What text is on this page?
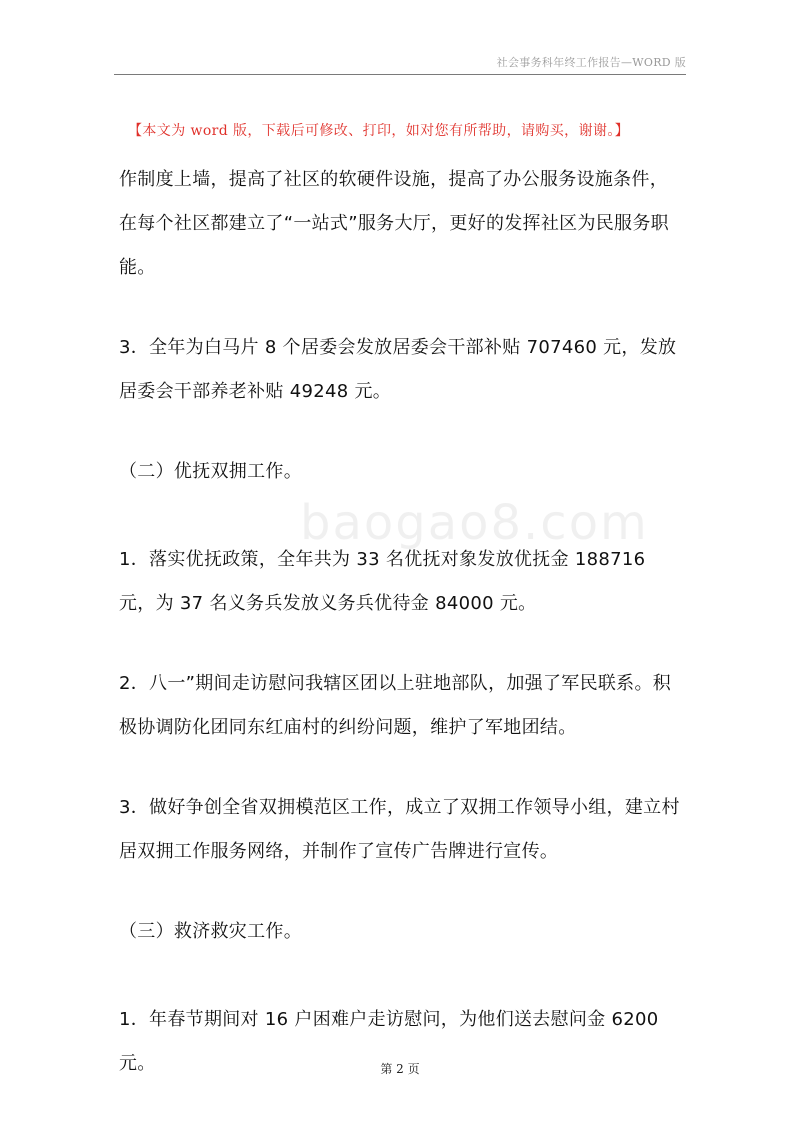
社会事务科年终工作报告—WORD 版
【本文为 word 版，下载后可修改、打印，如对您有所帮助，请购买，谢谢。】
baogao8.com

作制度上墙，提高了社区的软硬件设施，提高了办公服务设施条件，在每个社区都建立了“一站式”服务大厅，更好的发挥社区为民服务职能。

3．全年为白马片 8 个居委会发放居委会干部补贴 707460 元，发放居委会干部养老补贴 49248 元。

（二）优抚双拥工作。

1．落实优抚政策，全年共为 33 名优抚对象发放优抚金 188716 元，为 37 名义务兵发放义务兵优待金 84000 元。

2．八一”期间走访慰问我辖区团以上驻地部队，加强了军民联系。积极协调防化团同东红庙村的纠纷问题，维护了军地团结。

3．做好争创全省双拥模范区工作，成立了双拥工作领导小组，建立村居双拥工作服务网络，并制作了宣传广告牌进行宣传。

（三）救济救灾工作。

1．年春节期间对 16 户困难户走访慰问，为他们送去慰问金 6200 元。	第 2 页
